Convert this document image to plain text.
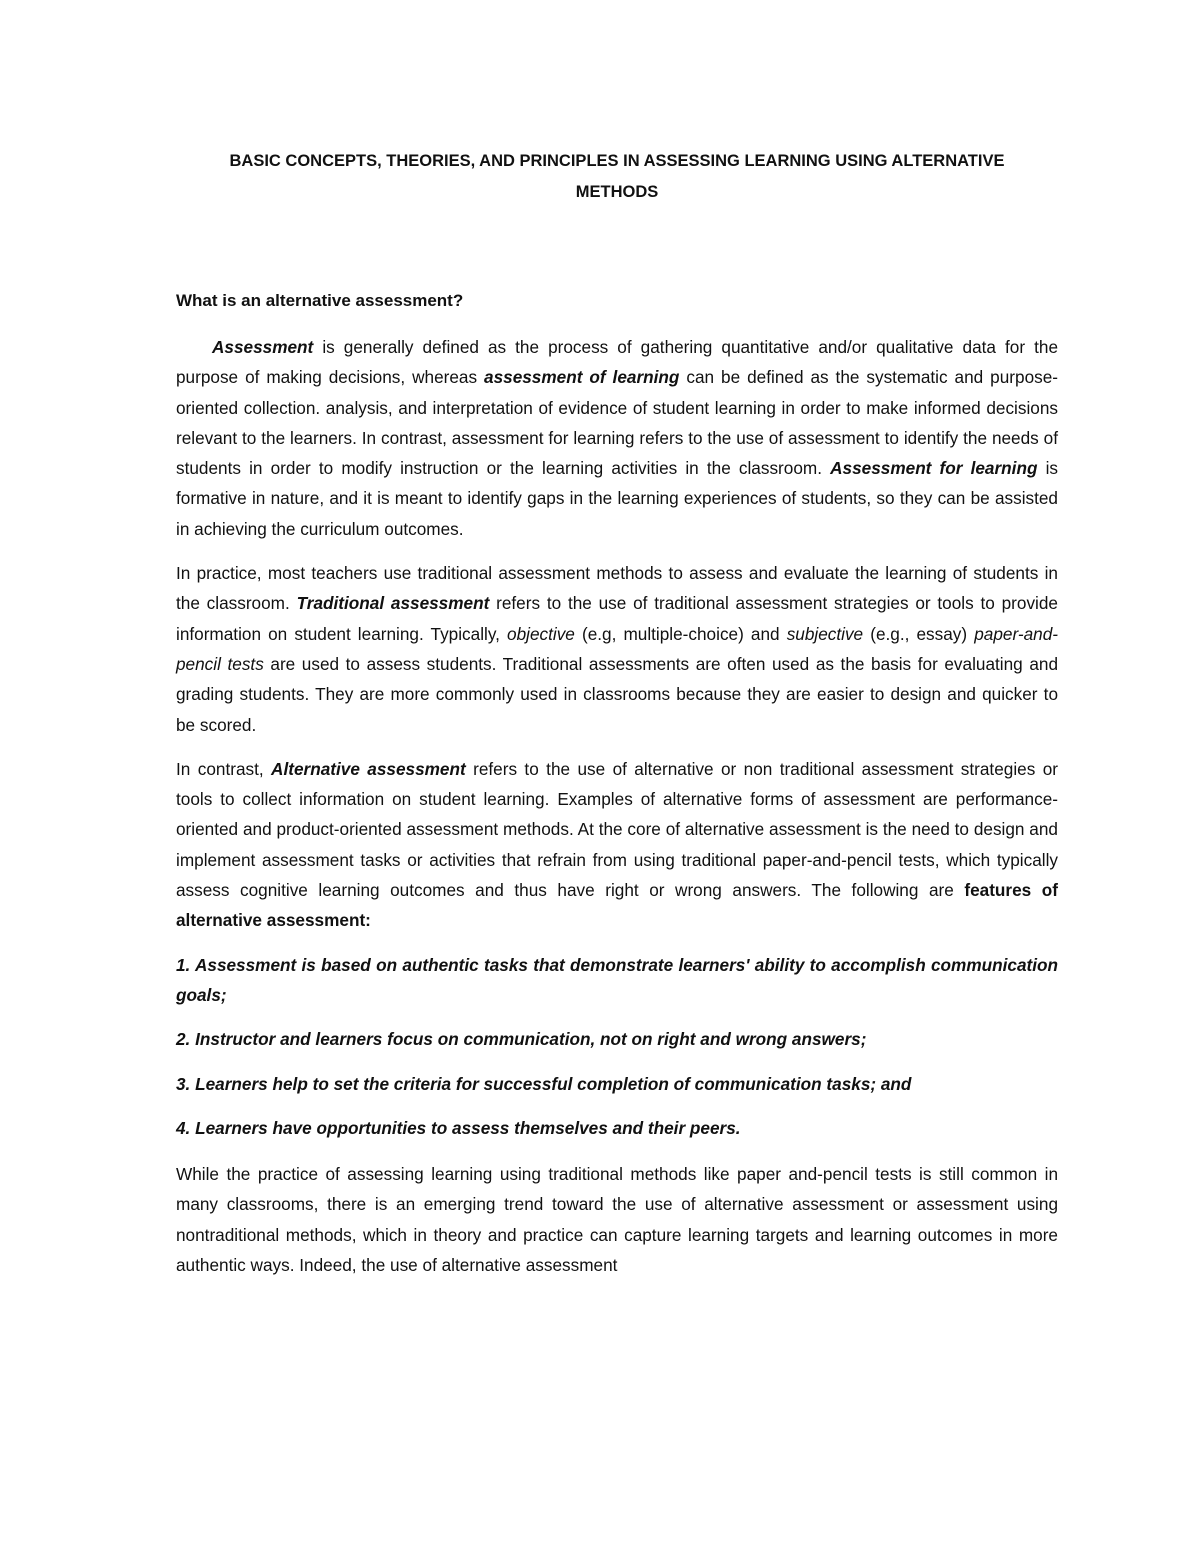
BASIC CONCEPTS, THEORIES, AND PRINCIPLES IN ASSESSING LEARNING USING ALTERNATIVE
METHODS
What is an alternative assessment?

Assessment is generally defined as the process of gathering quantitative and/or qualitative data for the purpose of making decisions, whereas assessment of learning can be defined as the systematic and purpose-oriented collection. analysis, and interpretation of evidence of student learning in order to make informed decisions relevant to the learners. In contrast, assessment for learning refers to the use of assessment to identify the needs of students in order to modify instruction or the learning activities in the classroom. Assessment for learning is formative in nature, and it is meant to identify gaps in the learning experiences of students, so they can be assisted in achieving the curriculum outcomes.

In practice, most teachers use traditional assessment methods to assess and evaluate the learning of students in the classroom. Traditional assessment refers to the use of traditional assessment strategies or tools to provide information on student learning. Typically, objective (e.g, multiple-choice) and subjective (e.g., essay) paper-and-pencil tests are used to assess students. Traditional assessments are often used as the basis for evaluating and grading students. They are more commonly used in classrooms because they are easier to design and quicker to be scored.

In contrast, Alternative assessment refers to the use of alternative or non traditional assessment strategies or tools to collect information on student learning. Examples of alternative forms of assessment are performance-oriented and product-oriented assessment methods. At the core of alternative assessment is the need to design and implement assessment tasks or activities that refrain from using traditional paper-and-pencil tests, which typically assess cognitive learning outcomes and thus have right or wrong answers. The following are features of alternative assessment:

1. Assessment is based on authentic tasks that demonstrate learners' ability to accomplish communication goals;

2. Instructor and learners focus on communication, not on right and wrong answers;

3. Learners help to set the criteria for successful completion of communication tasks; and

4. Learners have opportunities to assess themselves and their peers.

While the practice of assessing learning using traditional methods like paper and-pencil tests is still common in many classrooms, there is an emerging trend toward the use of alternative assessment or assessment using nontraditional methods, which in theory and practice can capture learning targets and learning outcomes in more authentic ways. Indeed, the use of alternative assessment
